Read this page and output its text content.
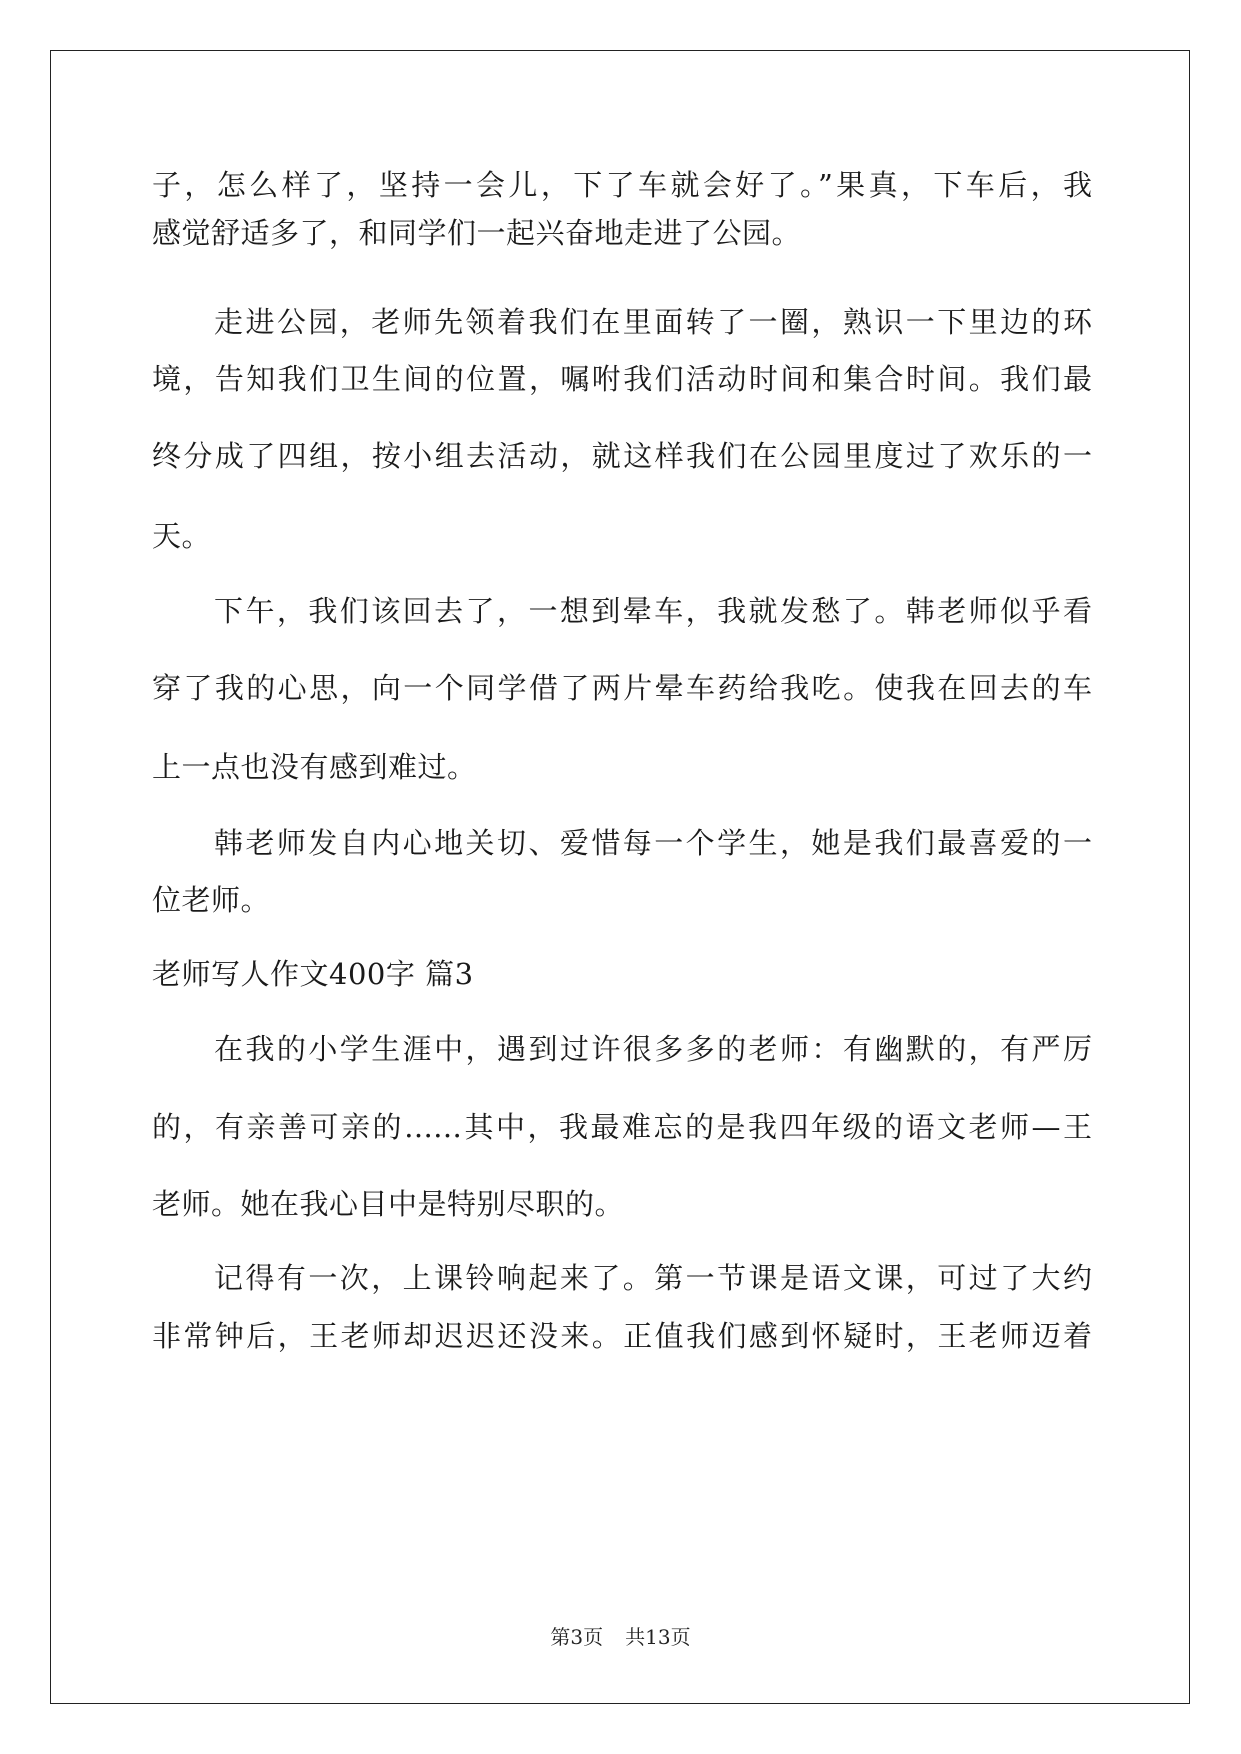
子，怎么样了，坚持一会儿，下了车就会好了。”果真，下车后，我
感觉舒适多了，和同学们一起兴奋地走进了公园。
走进公园，老师先领着我们在里面转了一圈，熟识一下里边的环
境，告知我们卫生间的位置，嘱咐我们活动时间和集合时间。我们最
终分成了四组，按小组去活动，就这样我们在公园里度过了欢乐的一
天。
下午，我们该回去了，一想到晕车，我就发愁了。韩老师似乎看
穿了我的心思，向一个同学借了两片晕车药给我吃。使我在回去的车
上一点也没有感到难过。
韩老师发自内心地关切、爱惜每一个学生，她是我们最喜爱的一
位老师。
老师写人作文400字 篇3
在我的小学生涯中，遇到过许很多多的老师：有幽默的，有严厉
的，有亲善可亲的……其中，我最难忘的是我四年级的语文老师—王
老师。她在我心目中是特别尽职的。
记得有一次，上课铃响起来了。第一节课是语文课，可过了大约
非常钟后，王老师却迟迟还没来。正值我们感到怀疑时，王老师迈着
第3页 共13页
